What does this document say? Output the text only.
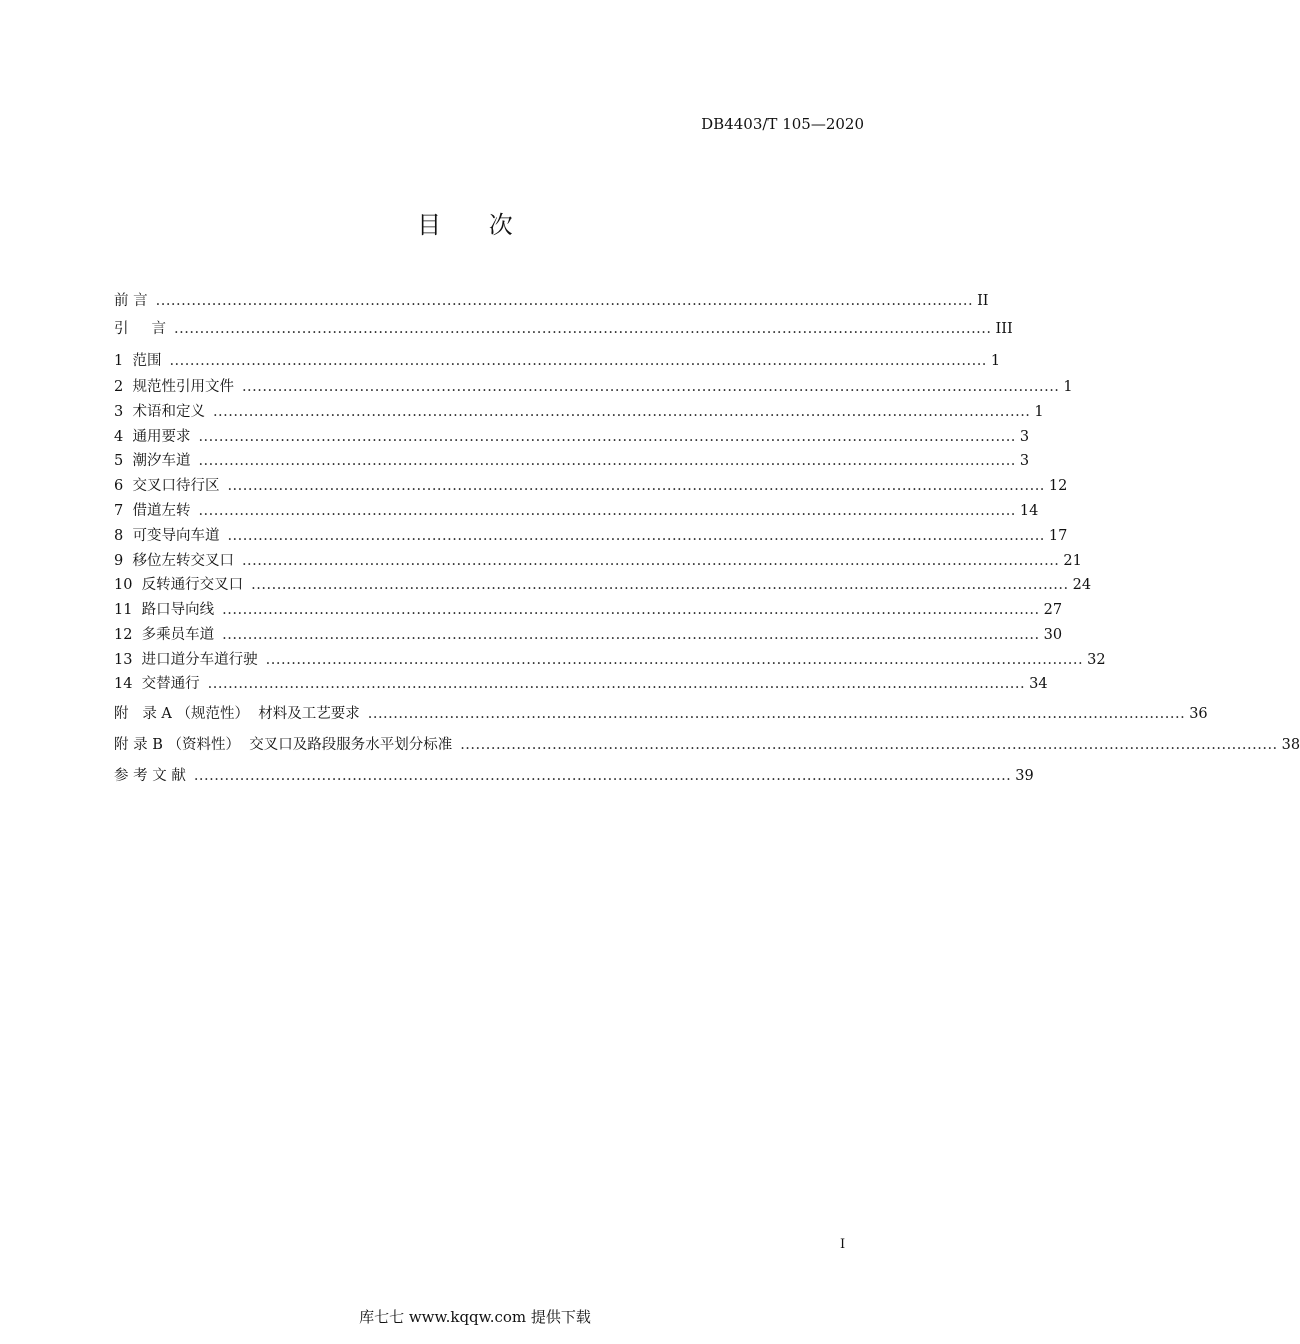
DB4403/T 105—2020
目 次
前 言 ................................................................................................................................................................ II
引     言 ................................................................................................................................................................ III
1  范围 ................................................................................................................................................................ 1
2  规范性引用文件 ................................................................................................................................................................ 1
3  术语和定义 ................................................................................................................................................................ 1
4  通用要求 ................................................................................................................................................................ 3
5  潮汐车道 ................................................................................................................................................................ 3
6  交叉口待行区 ................................................................................................................................................................ 12
7  借道左转 ................................................................................................................................................................ 14
8  可变导向车道 ................................................................................................................................................................ 17
9  移位左转交叉口 ................................................................................................................................................................ 21
10  反转通行交叉口 ................................................................................................................................................................ 24
11  路口导向线 ................................................................................................................................................................ 27
12  多乘员车道 ................................................................................................................................................................ 30
13  进口道分车道行驶 ................................................................................................................................................................ 32
14  交替通行 ................................................................................................................................................................ 34
附   录 A （规范性）  材料及工艺要求 ................................................................................................................................................................ 36
附 录 B （资料性）  交叉口及路段服务水平划分标准 ................................................................................................................................................................ 38
参 考 文 献 ................................................................................................................................................................ 39
I
库七七 www.kqqw.com 提供下载
